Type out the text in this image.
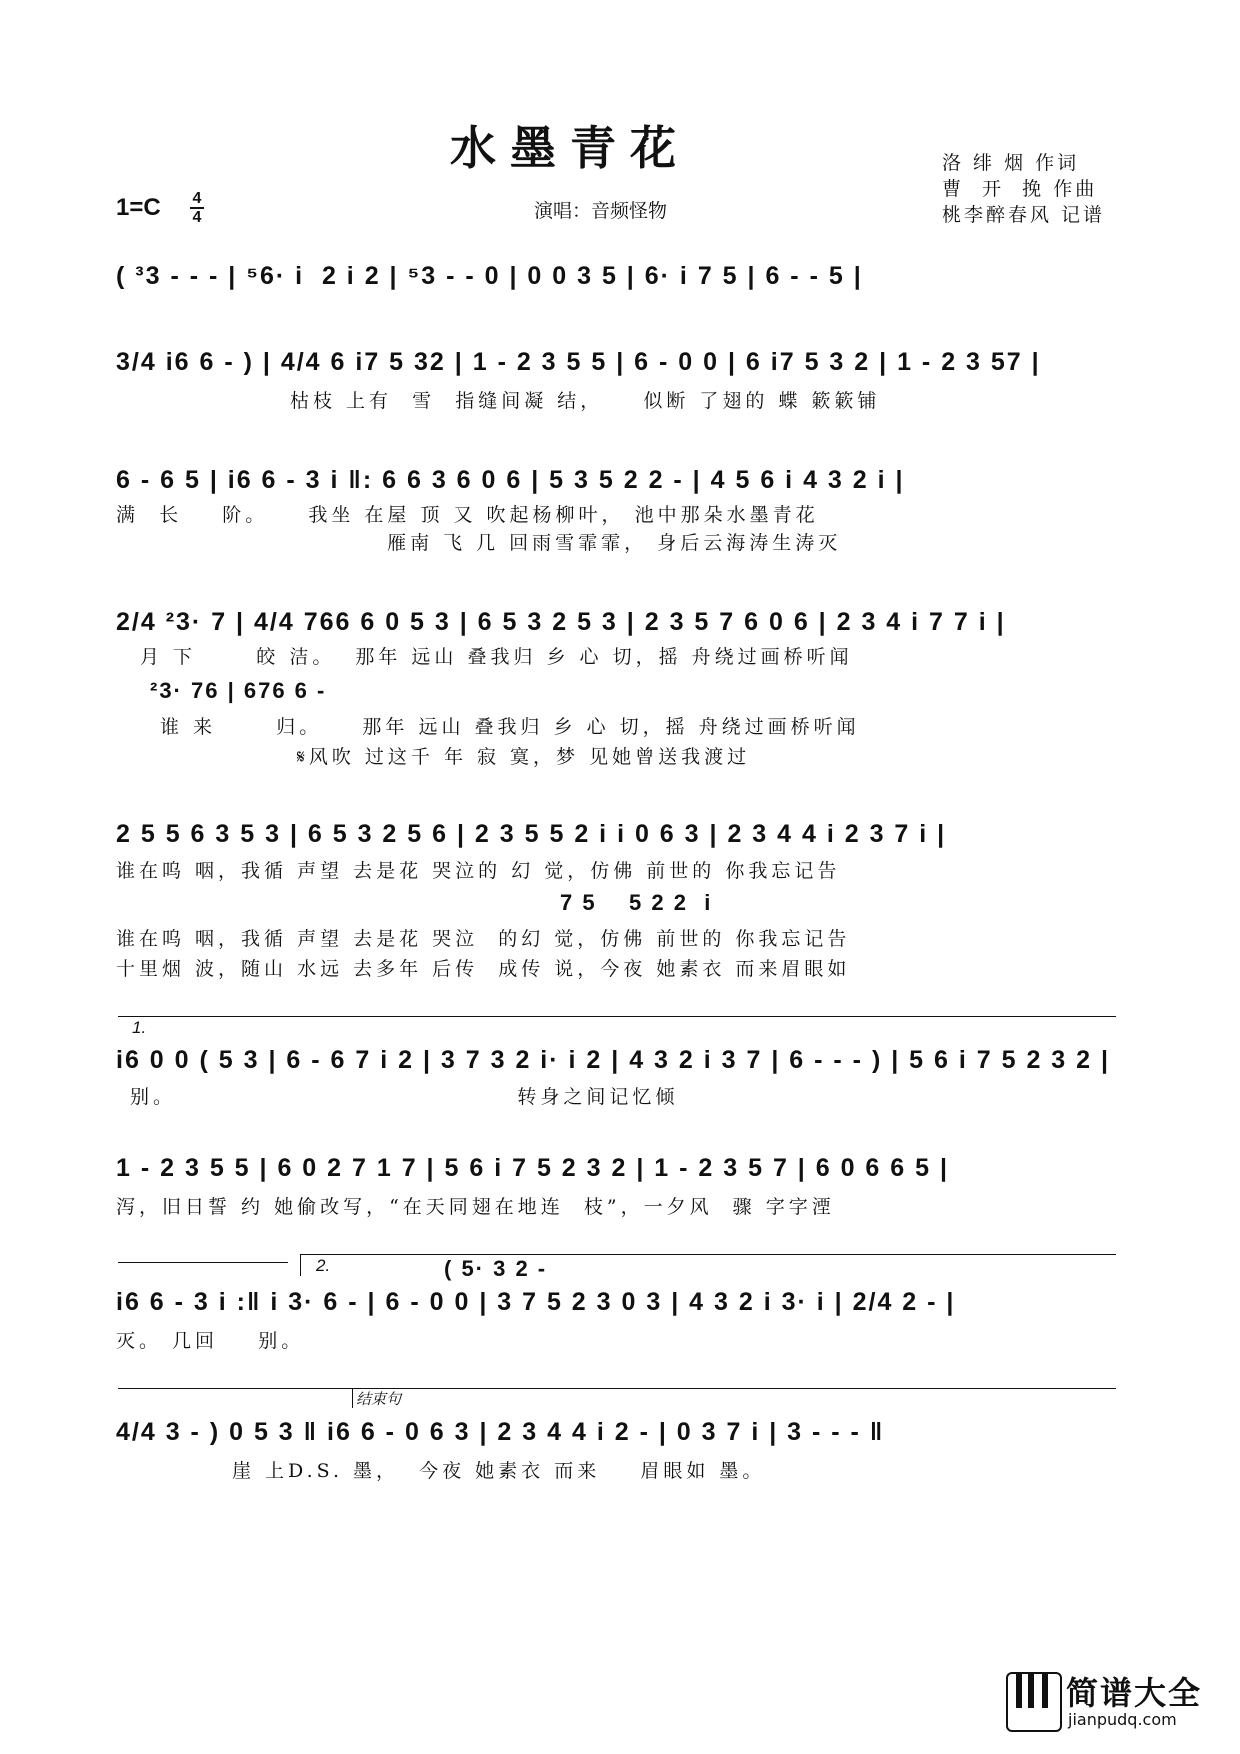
水墨青花	洛 绯 烟 作词
曹  开  挽 作曲
桃李醉春风 记谱
1=C 4
4	演唱：音频怪物
( ³3 - - - | ⁵6· i  2 i 2 | ⁵3 - - 0 | 0 0 3 5 | 6· i 7 5 | 6 - - 5 |
3/4 i6 6 - ) | 4/4 6 i7 5 32 | 1 - 2 3 5 5 | 6 - 0 0 | 6 i7 5 3 2 | 1 - 2 3 57 |
枯枝 上有  雪  指缝间凝 结，    似断 了翅的 蝶 簌簌铺
6 - 6 5 | i6 6 - 3 i ‖: 6 6 3 6 0 6 | 5 3 5 2 2 - | 4 5 6 i 4 3 2 i |
满  长    阶。    我坐 在屋 顶 又 吹起杨柳叶， 池中那朵水墨青花
雁南 飞 几 回雨雪霏霏， 身后云海涛生涛灭
2/4 ²3· 7 | 4/4 766 6 0 5 3 | 6 5 3 2 5 3 | 2 3 5 7 6 0 6 | 2 3 4 i 7 7 i |
月 下      皎 洁。  那年 远山 叠我归 乡 心 切，摇 舟绕过画桥听闻
²3· 76 | 676 6 -
谁 来      归。    那年 远山 叠我归 乡 心 切，摇 舟绕过画桥听闻
𝄋风吹 过这千 年 寂 寞，梦 见她曾送我渡过
2 5 5 6 3 5 3 | 6 5 3 2 5 6 | 2 3 5 5 2 i i 0 6 3 | 2 3 4 4 i 2 3 7 i |
谁在呜 咽，我循 声望 去是花 哭泣的 幻 觉，仿佛 前世的 你我忘记告
7 5    5 2 2  i
谁在呜 咽，我循 声望 去是花 哭泣  的幻 觉，仿佛 前世的 你我忘记告
十里烟 波，随山 水远 去多年 后传  成传 说，今夜 她素衣 而来眉眼如
1.
i6 0 0 ( 5 3 | 6 - 6 7 i 2 | 3 7 3 2 i· i 2 | 4 3 2 i 3 7 | 6 - - - ) | 5 6 i 7 5 2 3 2 |
别。                                  转身之间记忆倾
1 - 2 3 5 5 | 6 0 2 7 1 7 | 5 6 i 7 5 2 3 2 | 1 - 2 3 5 7 | 6 0 6 6 5 |
泻，旧日誓 约 她偷改写，“在天同翅在地连  枝”，一夕风  骤 字字湮
2.	( 5· 3 2 -
i6 6 - 3 i :‖ i 3· 6 - | 6 - 0 0 | 3 7 5 2 3 0 3 | 4 3 2 i 3· i | 2/4 2 - |
灭。 几回    别。
结束句
4/4 3 - ) 0 5 3 ‖ i6 6 - 0 6 3 | 2 3 4 4 i 2 - | 0 3 7 i | 3 - - - ‖
崖 上D.S. 墨，  今夜 她素衣 而来    眉眼如 墨。
简谱大全
jianpudq.com
